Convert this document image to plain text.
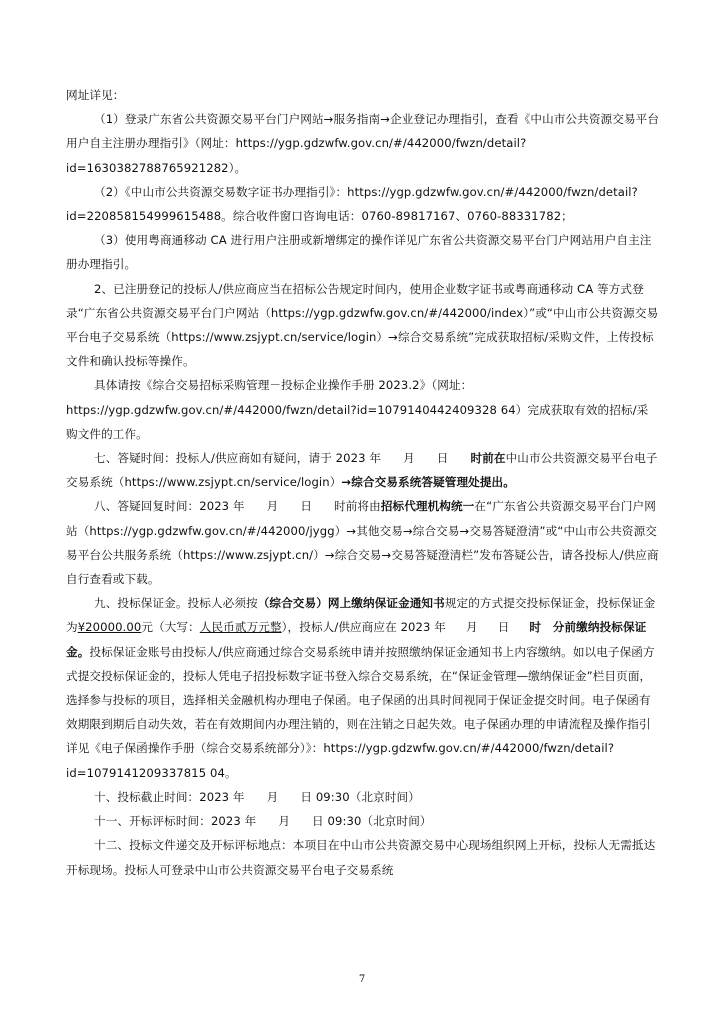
网址详见：

（1）登录广东省公共资源交易平台门户网站→服务指南→企业登记办理指引，查看《中山市公共资源交易平台用户自主注册办理指引》（网址：https://ygp.gdzwfw.gov.cn/#/442000/fwzn/detail?id=1630382788765921282）。

（2）《中山市公共资源交易数字证书办理指引》：https://ygp.gdzwfw.gov.cn/#/442000/fwzn/detail?id=220858154999615488。综合收件窗口咨询电话：0760-89817167、0760-88331782；

（3）使用粤商通移动 CA 进行用户注册或新增绑定的操作详见广东省公共资源交易平台门户网站用户自主注册办理指引。

2、已注册登记的投标人/供应商应当在招标公告规定时间内，使用企业数字证书或粤商通移动 CA 等方式登录“广东省公共资源交易平台门户网站（https://ygp.gdzwfw.gov.cn/#/442000/index）”或“中山市公共资源交易平台电子交易系统（https://www.zsjypt.cn/service/login）→综合交易系统”完成获取招标/采购文件，上传投标文件和确认投标等操作。

具体请按《综合交易招标采购管理－投标企业操作手册 2023.2》（网址：https://ygp.gdzwfw.gov.cn/#/442000/fwzn/detail?id=1079140442409328 64）完成获取有效的招标/采购文件的工作。

七、答疑时间：投标人/供应商如有疑问，请于 2023 年 月 日 时前在中山市公共资源交易平台电子交易系统（https://www.zsjypt.cn/service/login）→综合交易系统答疑管理处提出。

八、答疑回复时间：2023 年 月 日 时前将由招标代理机构统一在“广东省公共资源交易平台门户网站（https://ygp.gdzwfw.gov.cn/#/442000/jygg）→其他交易→综合交易→交易答疑澄清”或“中山市公共资源交易平台公共服务系统（https://www.zsjypt.cn/）→综合交易→交易答疑澄清栏”发布答疑公告，请各投标人/供应商自行查看或下载。

九、投标保证金。投标人必须按（综合交易）网上缴纳保证金通知书规定的方式提交投标保证金，投标保证金为¥20000.00元（大写：人民币贰万元整），投标人/供应商应在 2023 年 月 日 时　分前缴纳投标保证金。投标保证金账号由投标人/供应商通过综合交易系统申请并按照缴纳保证金通知书上内容缴纳。如以电子保函方式提交投标保证金的，投标人凭电子招投标数字证书登入综合交易系统，在“保证金管理—缴纳保证金”栏目页面，选择参与投标的项目，选择相关金融机构办理电子保函。电子保函的出具时间视同于保证金提交时间。电子保函有效期限到期后自动失效，若在有效期间内办理注销的，则在注销之日起失效。电子保函办理的申请流程及操作指引详见《电子保函操作手册（综合交易系统部分）》：https://ygp.gdzwfw.gov.cn/#/442000/fwzn/detail?id=1079141209337815 04。

十、投标截止时间：2023 年 月 日 09:30（北京时间）

十一、开标评标时间：2023 年 月 日 09:30（北京时间）

十二、投标文件递交及开标评标地点：本项目在中山市公共资源交易中心现场组织网上开标，投标人无需抵达开标现场。投标人可登录中山市公共资源交易平台电子交易系统

7
